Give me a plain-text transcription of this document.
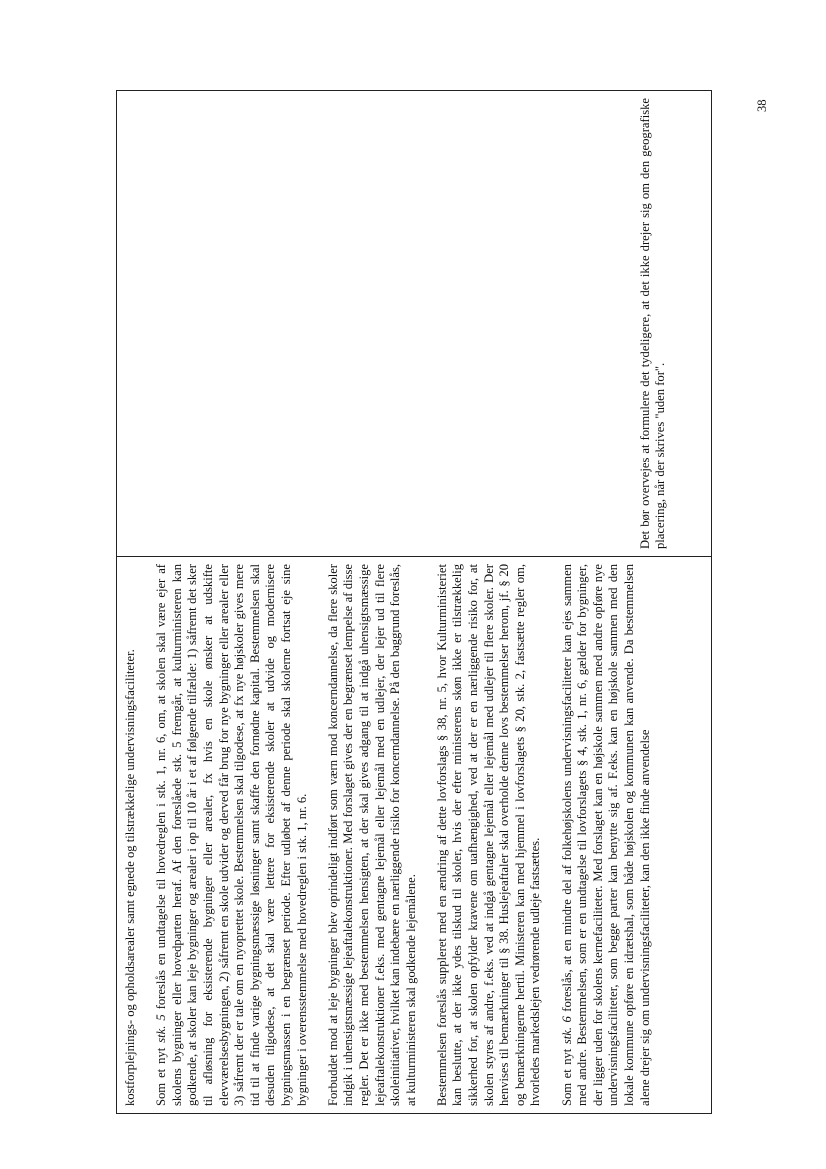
kostforplejnings- og opholdsarealer samt egnede og tilstrækkelige undervisningsfaciliteter. Som et nyt stk. 5 foreslås en undtagelse til hovedreglen i stk. 1, nr. 6, om, at skolen skal være ejer af skolens bygninger eller hovedparten heraf. Af den foreslåede stk. 5 fremgår, at kulturministeren kan godkende, at skoler kan leje bygninger og arealer i op til 10 år i et af følgende tilfælde: 1) såfremt det sker til afløsning for eksisterende bygninger eller arealer, fx hvis en skole ønsker at udskifte elevværelsesbygningen, 2) såfremt en skole udvider og derved får brug for nye bygninger eller arealer eller 3) såfremt der er tale om en nyoprettet skole. Bestemmelsen skal tilgodese, at fx nye højskoler gives mere tid til at finde varige bygningsmæssige løsninger samt skaffe den fornødne kapital. Bestemmelsen skal desuden tilgodese, at det skal være lettere for eksisterende skoler at udvide og modernisere bygningsmassen i en begrænset periode. Efter udløbet af denne periode skal skolerne fortsat eje sine bygninger i overensstemmelse med hovedreglen i stk. 1, nr. 6. Forbuddet mod at leje bygninger blev oprindeligt indført som værn mod koncerndannelse, da flere skoler indgik i uhensigtsmæssige lejeaftalekonstruktioner. Med forslaget gives der en begrænset lempelse af disse regler. Det er ikke med bestemmelsen hensigten, at der skal gives adgang til at indgå uhensigtsmæssige lejeaftalekonstruktioner f.eks. med gentagne lejemål eller lejemål med en udlejer, der lejer ud til flere skoleinitiativer, hvilket kan indebære en nærliggende risiko for koncerndannelse. På den baggrund foreslås, at kulturministeren skal godkende lejemålene. Bestemmelsen foreslås suppleret med en ændring af dette lovforslags § 38, nr. 5, hvor Kulturministeriet kan beslutte, at der ikke ydes tilskud til skoler, hvis der efter ministerens skøn ikke er tilstrækkelig sikkerhed for, at skolen opfylder kravene om uafhængighed, ved at der er en nærliggende risiko for, at skolen styres af andre, f.eks. ved at indgå gentagne lejemål eller lejemål med udlejer til flere skoler. Der henvises til bemærkninger til § 38. Huslejeaftaler skal overholde denne lovs bestemmelser herom, jf. § 20 og bemærkningerne hertil. Ministeren kan med hjemmel i lovforslagets § 20, stk. 2, fastsætte regler om, hvorledes markedslejen vedrørende udleje fastsættes. Som et nyt stk. 6 foreslås, at en mindre del af folkehøjskolens undervisningsfaciliteter kan ejes sammen med andre. Bestemmelsen, som er en undtagelse til lovforslagets § 4, stk. 1, nr. 6, gælder for bygninger, der ligger uden for skolens kernefaciliteter. Med forslaget kan en højskole sammen med andre opføre nye undervisningsfaciliteter, som begge parter kan benytte sig af. F.eks. kan en højskole sammen med den lokale kommune opføre en idrætshal, som både højskolen og kommunen kan anvende. Da bestemmelsen alene drejer sig om undervisningsfaciliteter, kan den ikke finde anvendelse

Det bør overvejes at formulere det tydeligere, at det ikke drejer sig om den geografiske placering, når der skrives "uden for".

38
